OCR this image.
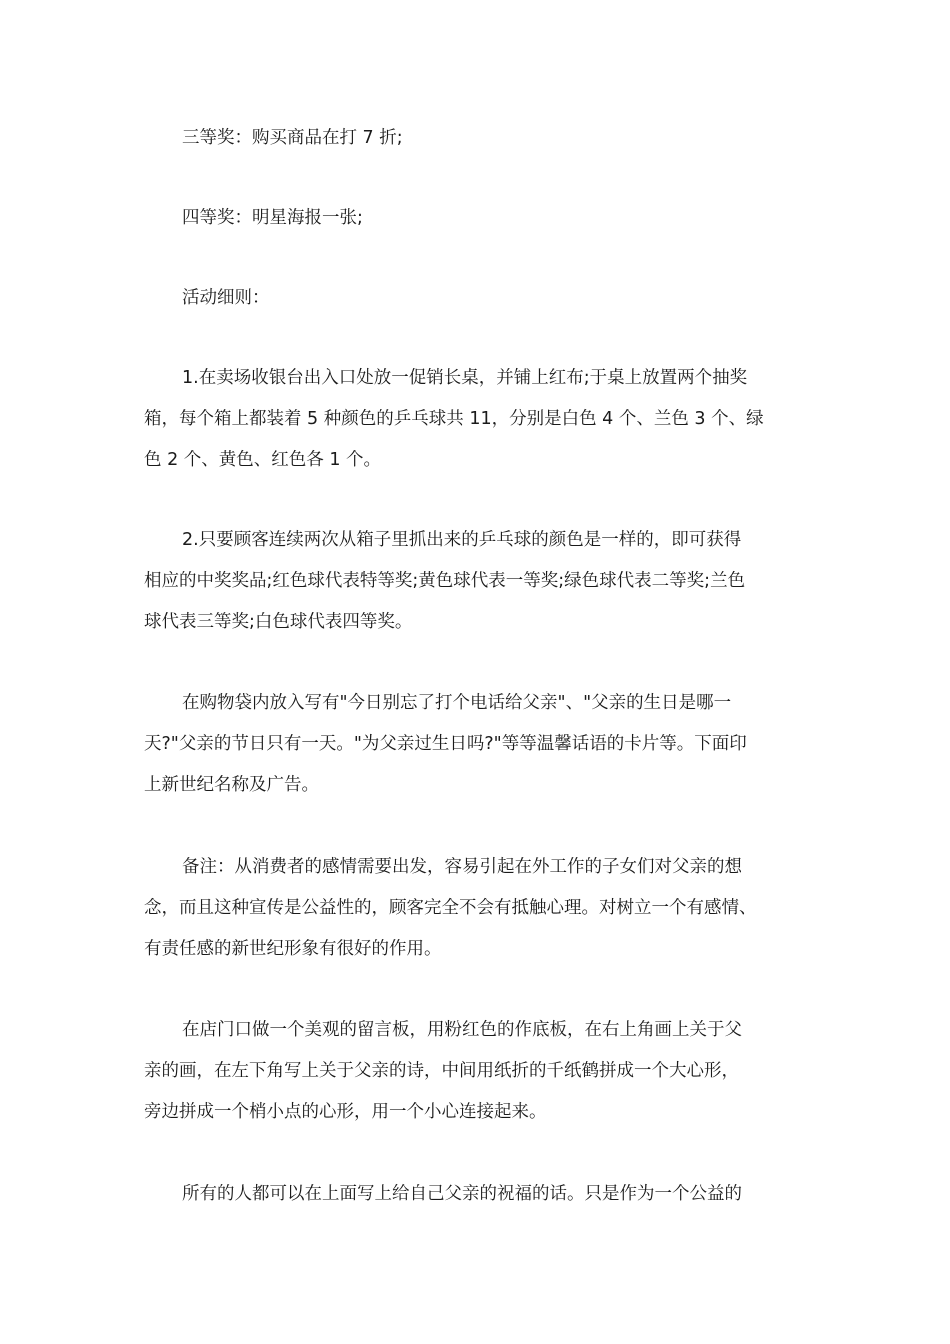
三等奖：购买商品在打 7 折;

四等奖：明星海报一张;

活动细则：

1.在卖场收银台出入口处放一促销长桌，并铺上红布;于桌上放置两个抽奖
箱，每个箱上都装着 5 种颜色的乒乓球共 11，分别是白色 4 个、兰色 3 个、绿
色 2 个、黄色、红色各 1 个。

2.只要顾客连续两次从箱子里抓出来的乒乓球的颜色是一样的，即可获得
相应的中奖奖品;红色球代表特等奖;黄色球代表一等奖;绿色球代表二等奖;兰色
球代表三等奖;白色球代表四等奖。

在购物袋内放入写有"今日别忘了打个电话给父亲"、"父亲的生日是哪一
天?"父亲的节日只有一天。"为父亲过生日吗?"等等温馨话语的卡片等。下面印
上新世纪名称及广告。

备注：从消费者的感情需要出发，容易引起在外工作的子女们对父亲的想
念，而且这种宣传是公益性的，顾客完全不会有抵触心理。对树立一个有感情、
有责任感的新世纪形象有很好的作用。

在店门口做一个美观的留言板，用粉红色的作底板，在右上角画上关于父
亲的画，在左下角写上关于父亲的诗，中间用纸折的千纸鹤拼成一个大心形，
旁边拼成一个梢小点的心形，用一个小心连接起来。

所有的人都可以在上面写上给自己父亲的祝福的话。只是作为一个公益的
